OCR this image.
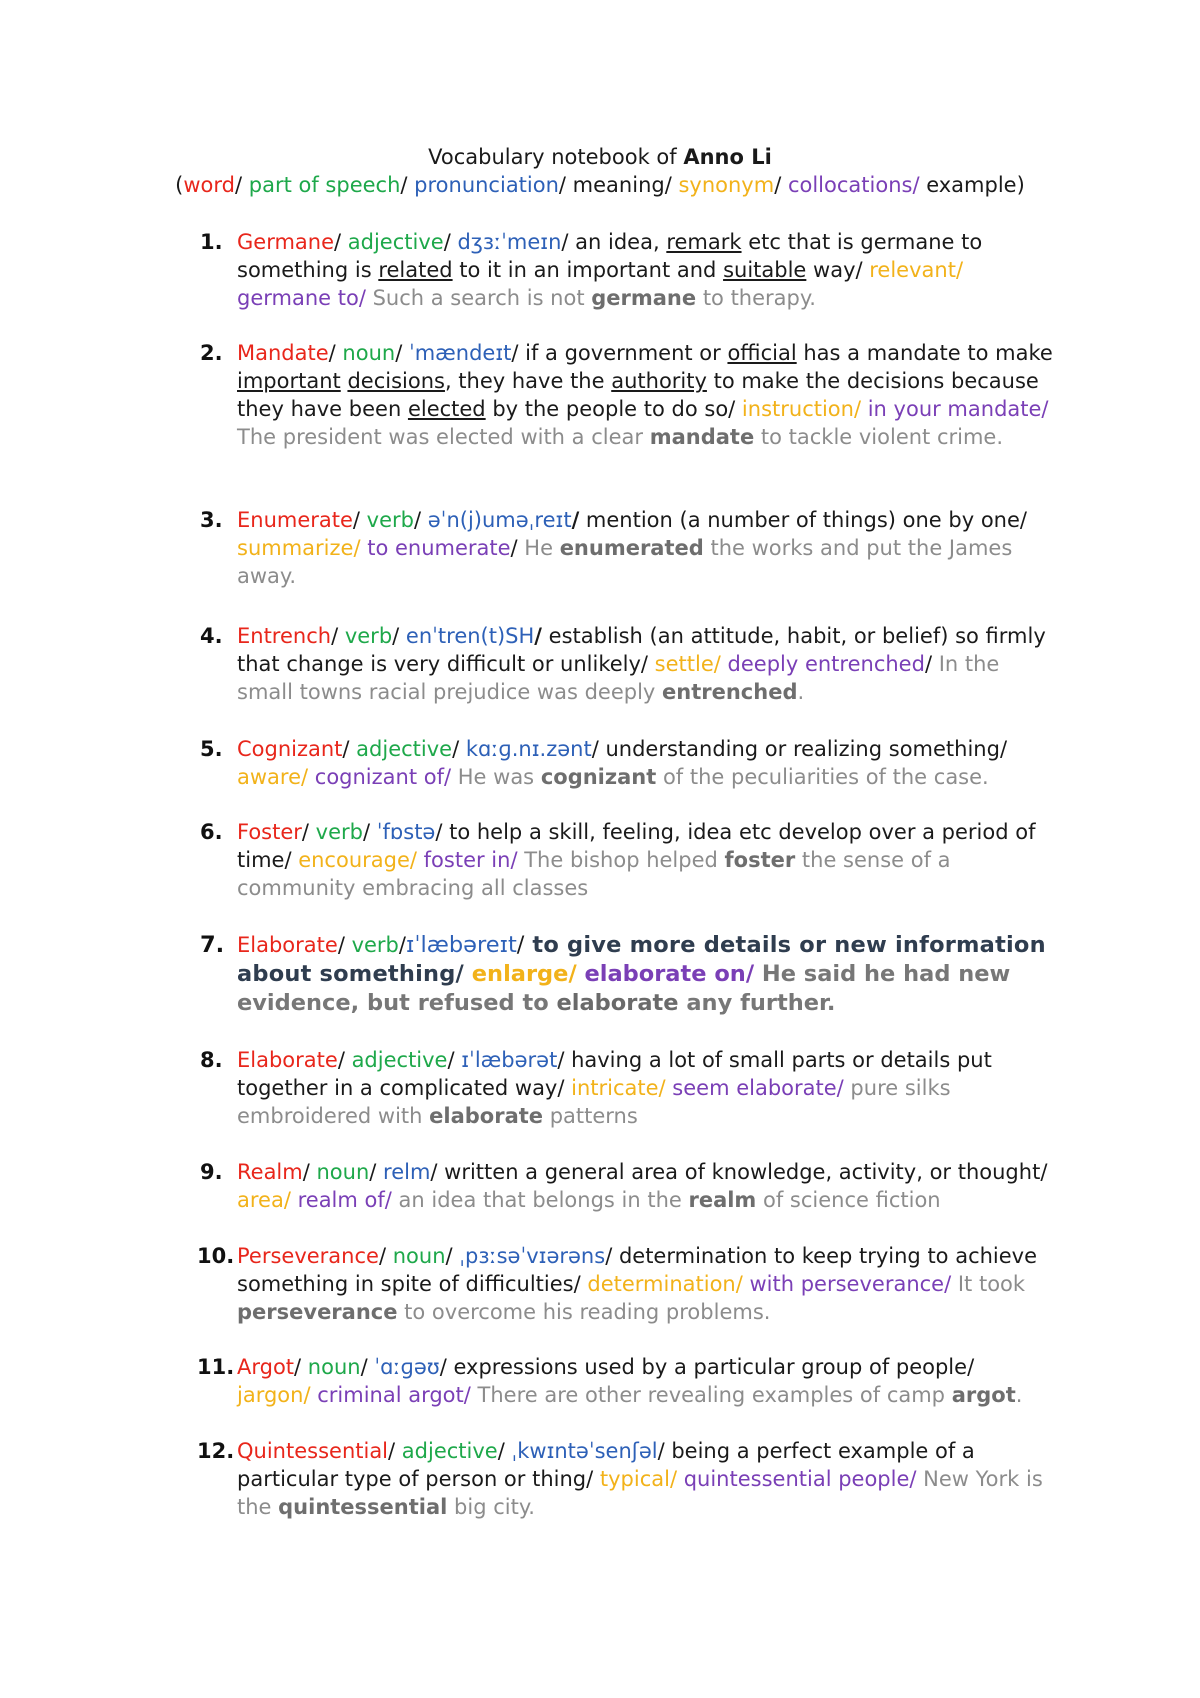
Vocabulary notebook of Anno Li
(word/ part of speech/ pronunciation/ meaning/ synonym/ collocations/ example)
1. Germane/ adjective/ dʒɜːˈmeɪn/ an idea, remark etc that is germane to something is related to it in an important and suitable way/ relevant/
germane to/ Such a search is not germane to therapy.
2. Mandate/ noun/ ˈmændeɪt/ if a government or official has a mandate to make important decisions, they have the authority to make the decisions because they have been elected by the people to do so/ instruction/ in your mandate/ The president was elected with a clear mandate to tackle violent crime.
3. Enumerate/ verb/ əˈn(j)uməˌreɪt/ mention (a number of things) one by one/
summarize/ to enumerate/ He enumerated the works and put the James away.
4. Entrench/ verb/ enˈtren(t)SH/ establish (an attitude, habit, or belief) so firmly that change is very difficult or unlikely/ settle/ deeply entrenched/ In the small towns racial prejudice was deeply entrenched.
5. Cognizant/ adjective/ kɑːɡ.nɪ.zənt/ understanding or realizing something/
aware/ cognizant of/ He was cognizant of the peculiarities of the case.
6. Foster/ verb/ ˈfɒstə/ to help a skill, feeling, idea etc develop over a period of time/ encourage/ foster in/ The bishop helped foster the sense of a community embracing all classes
7. Elaborate/ verb/ɪˈlæbəreɪt/ to give more details or new information about something/ enlarge/ elaborate on/ He said he had new evidence, but refused to elaborate any further.
8. Elaborate/ adjective/ ɪˈlæbərət/ having a lot of small parts or details put together in a complicated way/ intricate/ seem elaborate/ pure silks embroidered with elaborate patterns
9. Realm/ noun/ relm/ written a general area of knowledge, activity, or thought/
area/ realm of/ an idea that belongs in the realm of science fiction
10. Perseverance/ noun/ ˌpɜːsəˈvɪərəns/ determination to keep trying to achieve something in spite of difficulties/ determination/ with perseverance/ It took perseverance to overcome his reading problems.
11. Argot/ noun/ ˈɑːɡəʊ/ expressions used by a particular group of people/
jargon/ criminal argot/ There are other revealing examples of camp argot.
12. Quintessential/ adjective/ ˌkwɪntəˈsenʃəl/ being a perfect example of a particular type of person or thing/ typical/ quintessential people/ New York is the quintessential big city.
